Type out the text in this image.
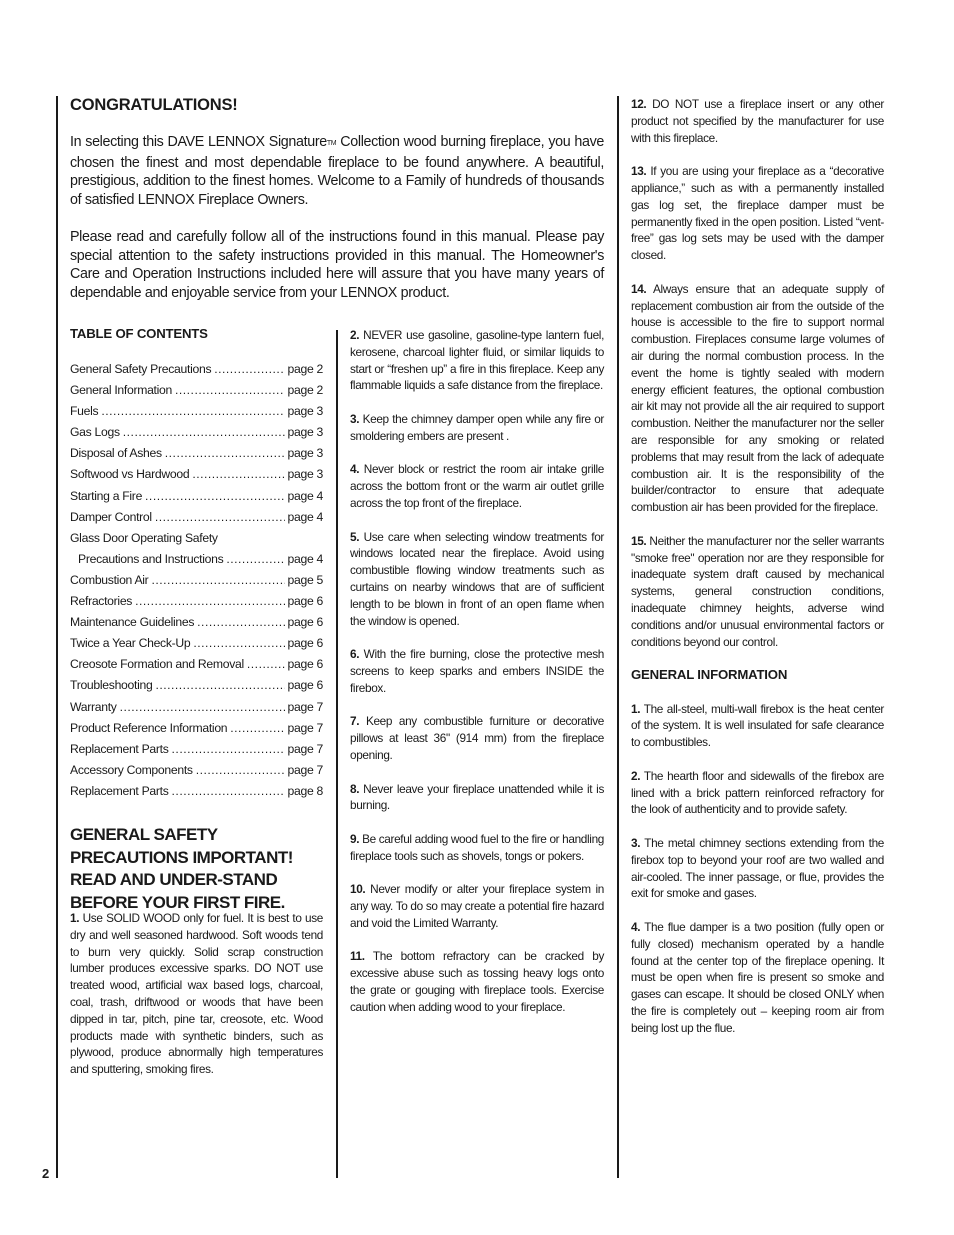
2
CONGRATULATIONS!

In selecting this DAVE LENNOX SignatureTM Collection wood burning fireplace, you have chosen the finest and most dependable fireplace to be found anywhere. A beautiful, prestigious, addition to the finest homes. Welcome to a Family of hundreds of thousands of satisfied LENNOX Fireplace Owners.

Please read and carefully follow all of the instructions found in this manual. Please pay special attention to the safety instructions provided in this manual. The Homeowner's Care and Operation Instructions included here will assure that you have many years of dependable and enjoyable service from your LENNOX product.

TABLE OF CONTENTS
General Safety Precautions .....	page 2
General Information .....	page 2
Fuels .....	page 3
Gas Logs .....	page 3
Disposal of Ashes .....	page 3
Softwood vs Hardwood .....	page 3
Starting a Fire .....	page 4
Damper Control .....	page 4
Glass Door Operating Safety
Precautions and Instructions .....	page 4
Combustion Air .....	page 5
Refractories .....	page 6
Maintenance Guidelines .....	page 6
Twice a Year Check-Up .....	page 6
Creosote Formation and Removal .....	page 6
Troubleshooting .....	page 6
Warranty .....	page 7
Product Reference Information .....	page 7
Replacement Parts .....	page 7
Accessory Components .....	page 7
Replacement Parts .....	page 8
GENERAL SAFETY PRECAUTIONS IMPORTANT! READ AND UNDER-STAND BEFORE YOUR FIRST FIRE.

1. Use SOLID WOOD only for fuel. It is best to use dry and well seasoned hardwood. Soft woods tend to burn very quickly. Solid scrap construction lumber produces excessive sparks. DO NOT use treated wood, artificial wax based logs, charcoal, coal, trash, driftwood or woods that have been dipped in tar, pitch, pine tar, creosote, etc. Wood products made with synthetic binders, such as plywood, produce abnormally high temperatures and sputtering, smoking fires.

2. NEVER use gasoline, gasoline-type lantern fuel, kerosene, charcoal lighter fluid, or similar liquids to start or “freshen up” a fire in this fireplace. Keep any flammable liquids a safe distance from the fireplace.

3. Keep the chimney damper open while any fire or smoldering embers are present .

4. Never block or restrict the room air intake grille across the bottom front or the warm air outlet grille across the top front of the fireplace.

5. Use care when selecting window treatments for windows located near the fireplace. Avoid using combustible flowing window treatments such as curtains on nearby windows that are of sufficient length to be blown in front of an open flame when the window is opened.

6. With the fire burning, close the protective mesh screens to keep sparks and embers INSIDE the firebox.

7. Keep any combustible furniture or decorative pillows at least 36" (914 mm) from the fireplace opening.

8. Never leave your fireplace unattended while it is burning.

9. Be careful adding wood fuel to the fire or handling fireplace tools such as shovels, tongs or pokers.

10. Never modify or alter your fireplace system in any way. To do so may create a potential fire hazard and void the Limited Warranty.

11. The bottom refractory can be cracked by excessive abuse such as tossing heavy logs onto the grate or gouging with fireplace tools. Exercise caution when adding wood to your fireplace.

12. DO NOT use a fireplace insert or any other product not specified by the manufacturer for use with this fireplace.

13. If you are using your fireplace as a “decorative appliance,” such as with a permanently installed gas log set, the fireplace damper must be permanently fixed in the open position. Listed “vent-free” gas log sets may be used with the damper closed.

14. Always ensure that an adequate supply of replacement combustion air from the outside of the house is accessible to the fire to support normal combustion. Fireplaces consume large volumes of air during the normal combustion process. In the event the home is tightly sealed with modern energy efficient features, the optional combustion air kit may not provide all the air required to support combustion. Neither the manufacturer nor the seller are responsible for any smoking or related problems that may result from the lack of adequate combustion air. It is the responsibility of the builder/contractor to ensure that adequate combustion air has been provided for the fireplace.

15. Neither the manufacturer nor the seller warrants "smoke free" operation nor are they responsible for inadequate system draft caused by mechanical systems, general construction conditions, inadequate chimney heights, adverse wind conditions and/or unusual environmental factors or conditions beyond our control.

GENERAL INFORMATION

1. The all-steel, multi-wall firebox is the heat center of the system. It is well insulated for safe clearance to combustibles.

2. The hearth floor and sidewalls of the firebox are lined with a brick pattern reinforced refractory for the look of authenticity and to provide safety.

3. The metal chimney sections extending from the firebox top to beyond your roof are two walled and air-cooled. The inner passage, or flue, provides the exit for smoke and gases.

4. The flue damper is a two position (fully open or fully closed) mechanism operated by a handle found at the center top of the fireplace opening. It must be open when fire is present so smoke and gases can escape. It should be closed ONLY when the fire is completely out – keeping room air from being lost up the flue.
